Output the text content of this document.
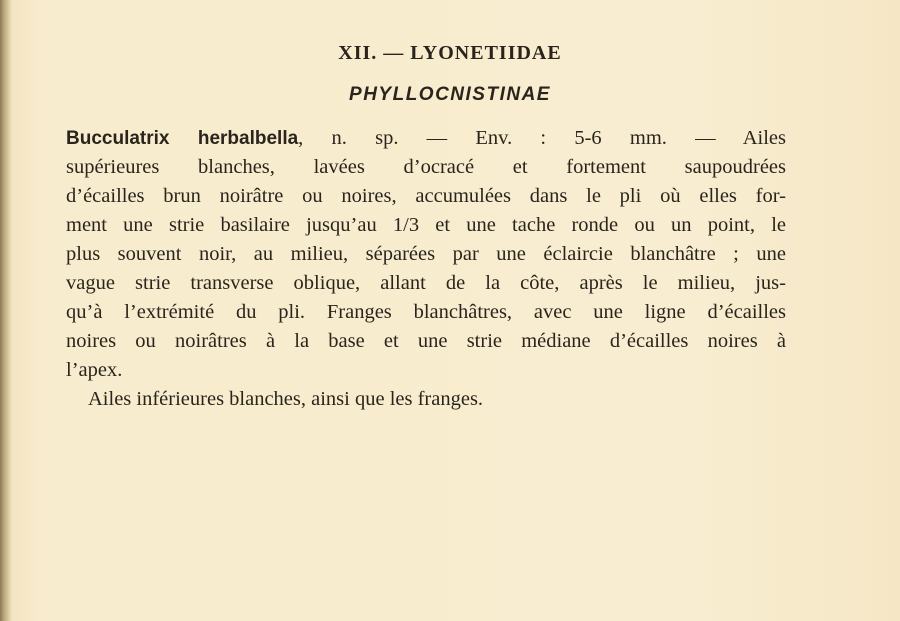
XII. — LYONETIIDAE
PHYLLOCNISTINAE
Bucculatrix herbalbella, n. sp. — Env. : 5-6 mm. — Ailes
supérieures blanches, lavées d’ocracé et fortement saupoudrées
d’écailles brun noirâtre ou noires, accumulées dans le pli où elles for-
ment une strie basilaire jusqu’au 1/3 et une tache ronde ou un point, le
plus souvent noir, au milieu, séparées par une éclaircie blanchâtre ; une
vague strie transverse oblique, allant de la côte, après le milieu, jus-
qu’à l’extrémité du pli. Franges blanchâtres, avec une ligne d’écailles
noires ou noirâtres à la base et une strie médiane d’écailles noires à
l’apex.
Ailes inférieures blanches, ainsi que les franges.
